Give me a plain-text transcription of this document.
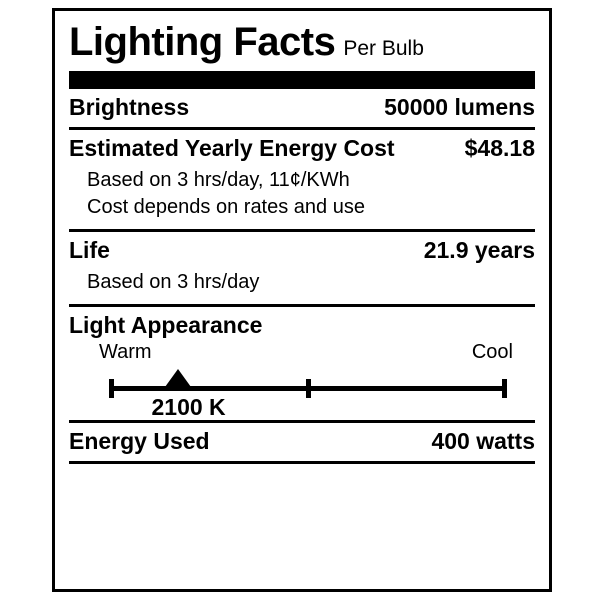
Lighting Facts Per Bulb
Brightness	50000 lumens
Estimated Yearly Energy Cost	$48.18
Based on 3 hrs/day, 11¢/KWh
Cost depends on rates and use
Life	21.9 years
Based on 3 hrs/day
Light Appearance
Warm	Cool
2100 K
Energy Used	400 watts
